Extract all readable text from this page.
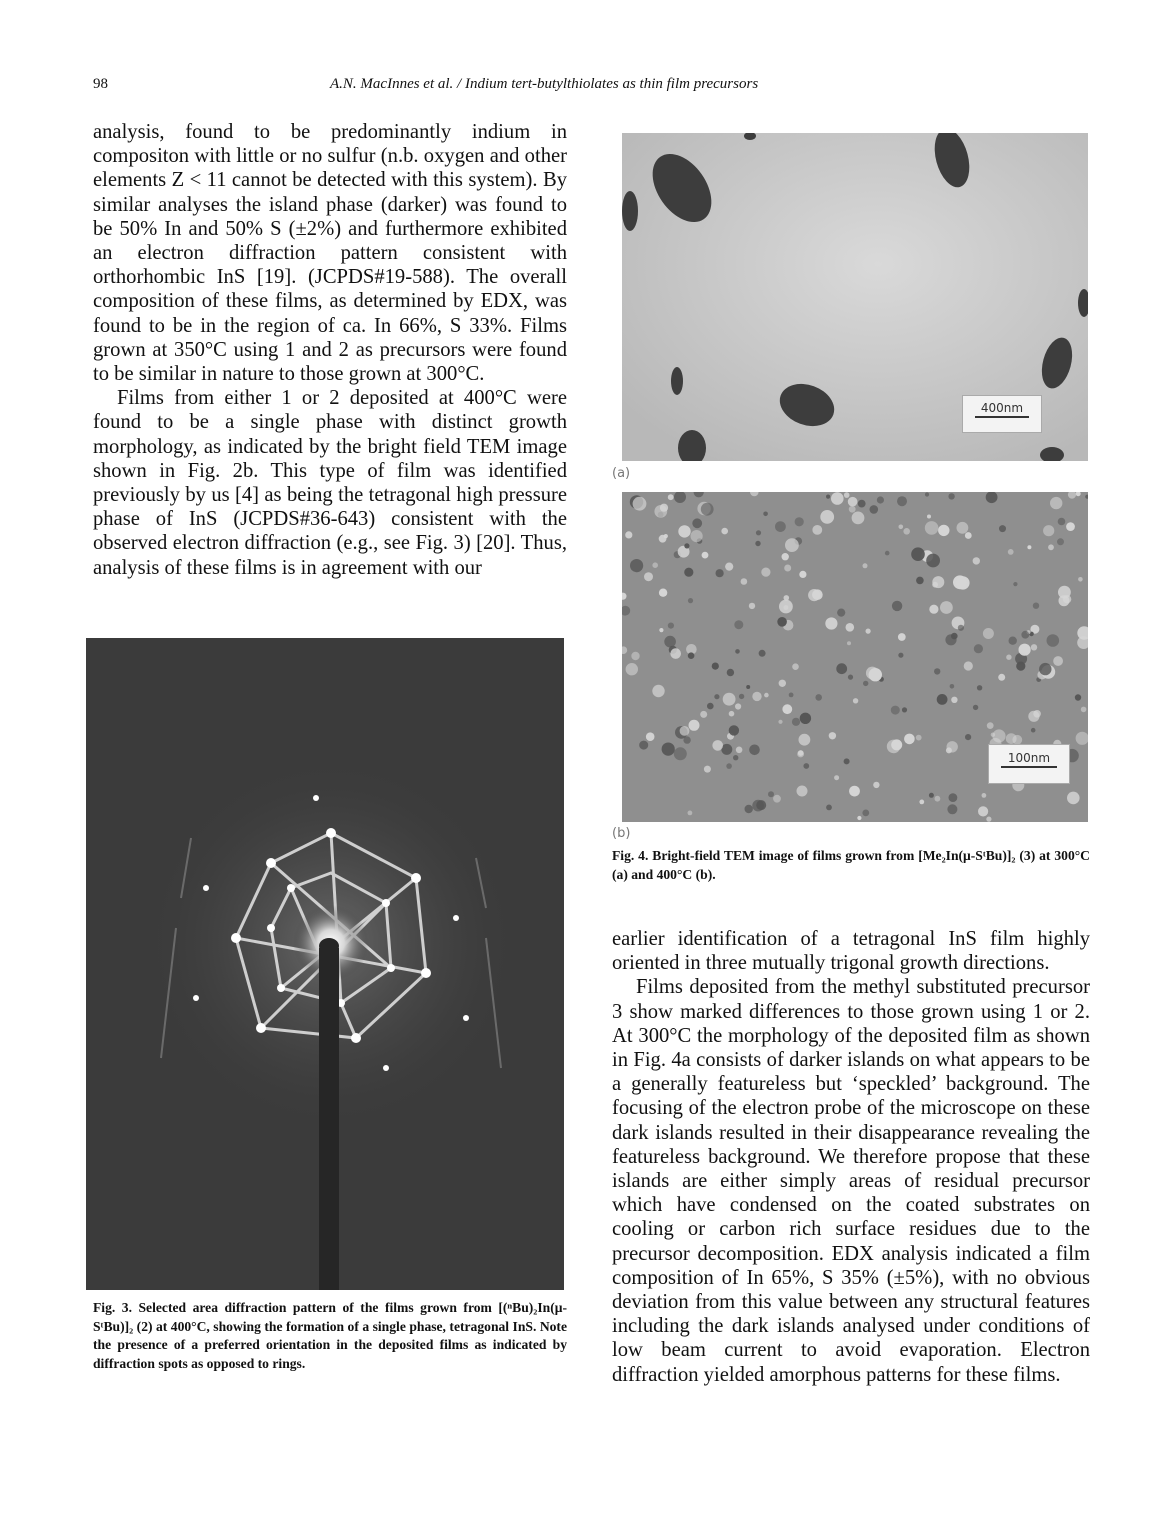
98	A.N. MacInnes et al. / Indium tert-butylthiolates as thin film precursors

analysis, found to be predominantly indium in compositon with little or no sulfur (n.b. oxygen and other elements Z < 11 cannot be detected with this system). By similar analyses the island phase (darker) was found to be 50% In and 50% S (±2%) and furthermore exhibited an electron diffraction pattern consistent with orthorhombic InS [19]. (JCPDS#19-588). The overall composition of these films, as determined by EDX, was found to be in the region of ca. In 66%, S 33%. Films grown at 350°C using 1 and 2 as precursors were found to be similar in nature to those grown at 300°C.

Films from either 1 or 2 deposited at 400°C were found to be a single phase with distinct growth morphology, as indicated by the bright field TEM image shown in Fig. 2b. This type of film was identified previously by us [4] as being the tetragonal high pressure phase of InS (JCPDS#36-643) consistent with the observed electron diffraction (e.g., see Fig. 3) [20]. Thus, analysis of these films is in agreement with our

Fig. 3. Selected area diffraction pattern of the films grown from [(ⁿBu)₂In(μ-SᵗBu)]₂ (2) at 400°C, showing the formation of a single phase, tetragonal InS. Note the presence of a preferred orientation in the deposited films as indicated by diffraction spots as opposed to rings.
400nm
(a)
100nm
(b)
Fig. 4. Bright-field TEM image of films grown from [Me₂In(μ-SᵗBu)]₂ (3) at 300°C (a) and 400°C (b).

earlier identification of a tetragonal InS film highly oriented in three mutually trigonal growth directions.

Films deposited from the methyl substituted precursor 3 show marked differences to those grown using 1 or 2. At 300°C the morphology of the deposited film as shown in Fig. 4a consists of darker islands on what appears to be a generally featureless but ‘speckled’ background. The focusing of the electron probe of the microscope on these dark islands resulted in their disappearance revealing the featureless background. We therefore propose that these islands are either simply areas of residual precursor which have condensed on the coated substrates on cooling or carbon rich surface residues due to the precursor decomposition. EDX analysis indicated a film composition of In 65%, S 35% (±5%), with no obvious deviation from this value between any structural features including the dark islands analysed under conditions of low beam current to avoid evaporation. Electron diffraction yielded amorphous patterns for these films.
